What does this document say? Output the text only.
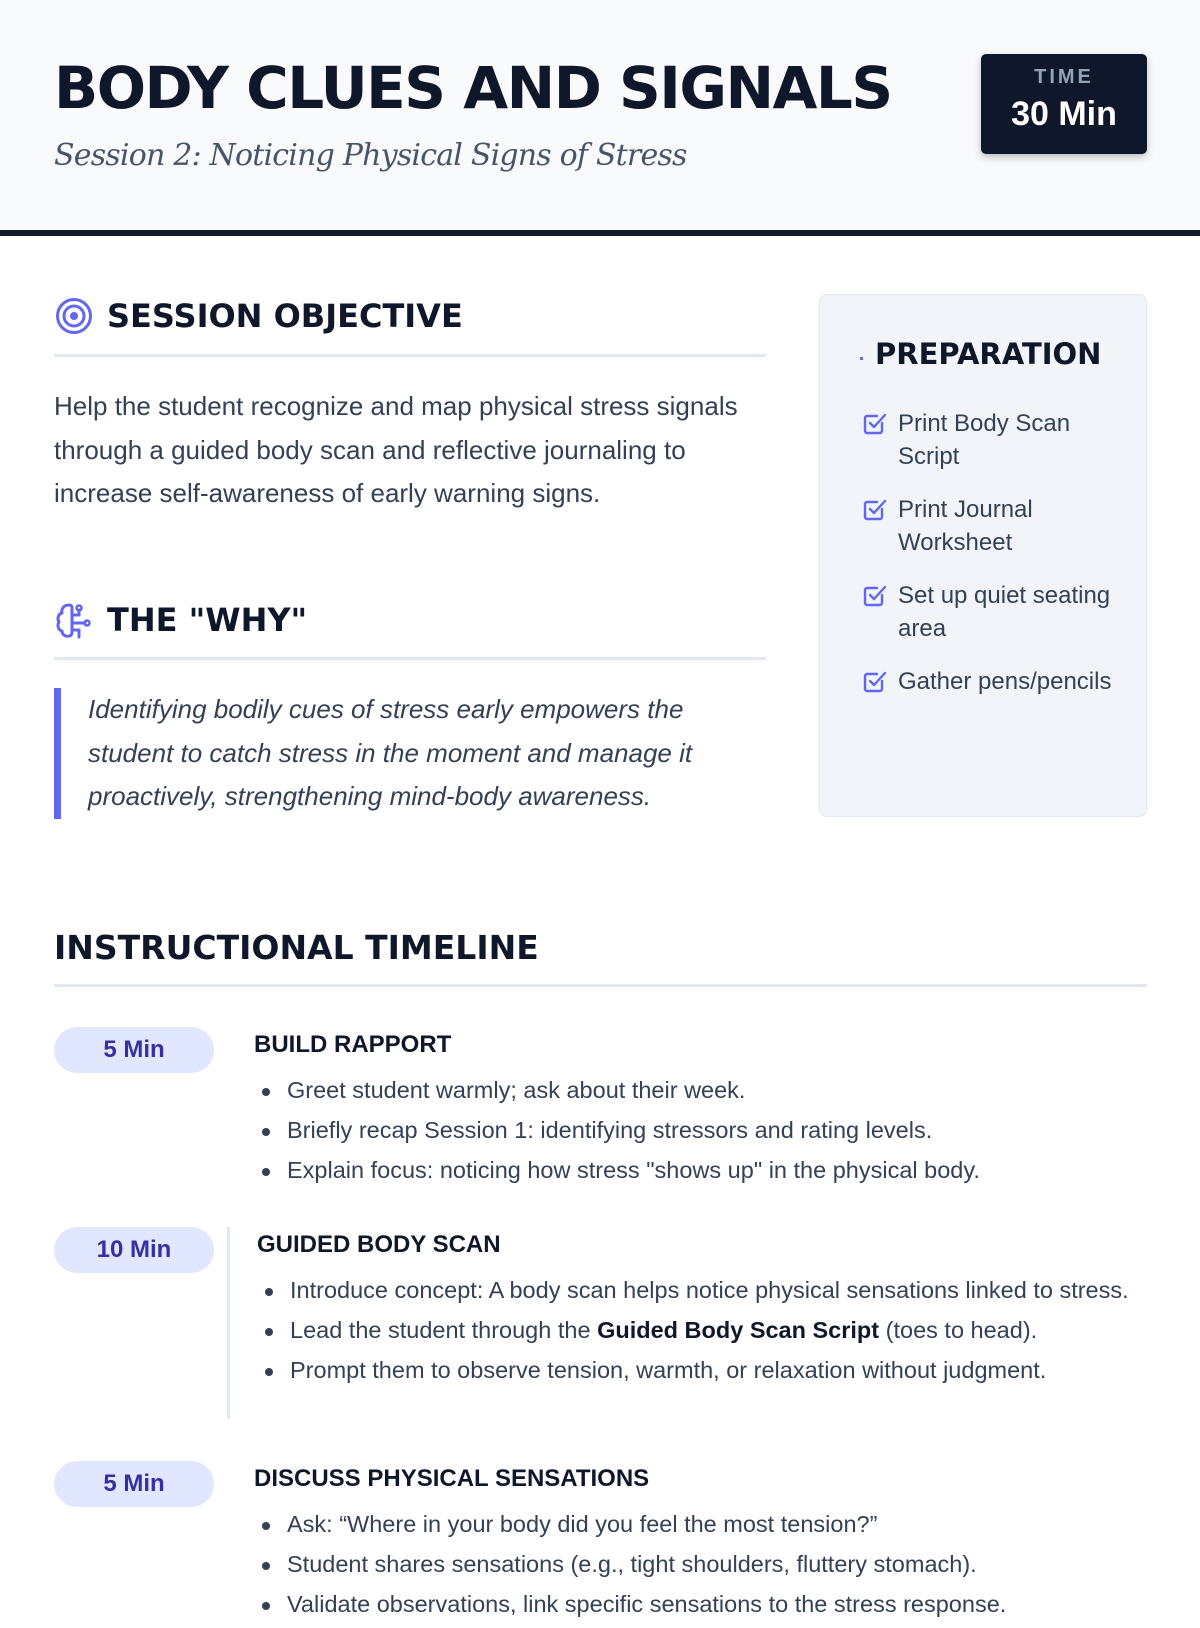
BODY CLUES AND SIGNALS
Session 2: Noticing Physical Signs of Stress
TIME
30 Min
SESSION OBJECTIVE

Help the student recognize and map physical stress signals through a guided body scan and reflective journaling to increase self-awareness of early warning signs.

THE "WHY"
Identifying bodily cues of stress early empowers the student to catch stress in the moment and manage it proactively, strengthening mind-body awareness.
PREPARATION
Print Body Scan Script
Print Journal Worksheet
Set up quiet seating area
Gather pens/pencils
INSTRUCTIONAL TIMELINE
5 Min	BUILD RAPPORT
Greet student warmly; ask about their week.
Briefly recap Session 1: identifying stressors and rating levels.
Explain focus: noticing how stress "shows up" in the physical body.
10 Min	GUIDED BODY SCAN
Introduce concept: A body scan helps notice physical sensations linked to stress.
Lead the student through the Guided Body Scan Script (toes to head).
Prompt them to observe tension, warmth, or relaxation without judgment.
5 Min	DISCUSS PHYSICAL SENSATIONS
Ask: “Where in your body did you feel the most tension?”
Student shares sensations (e.g., tight shoulders, fluttery stomach).
Validate observations, link specific sensations to the stress response.
